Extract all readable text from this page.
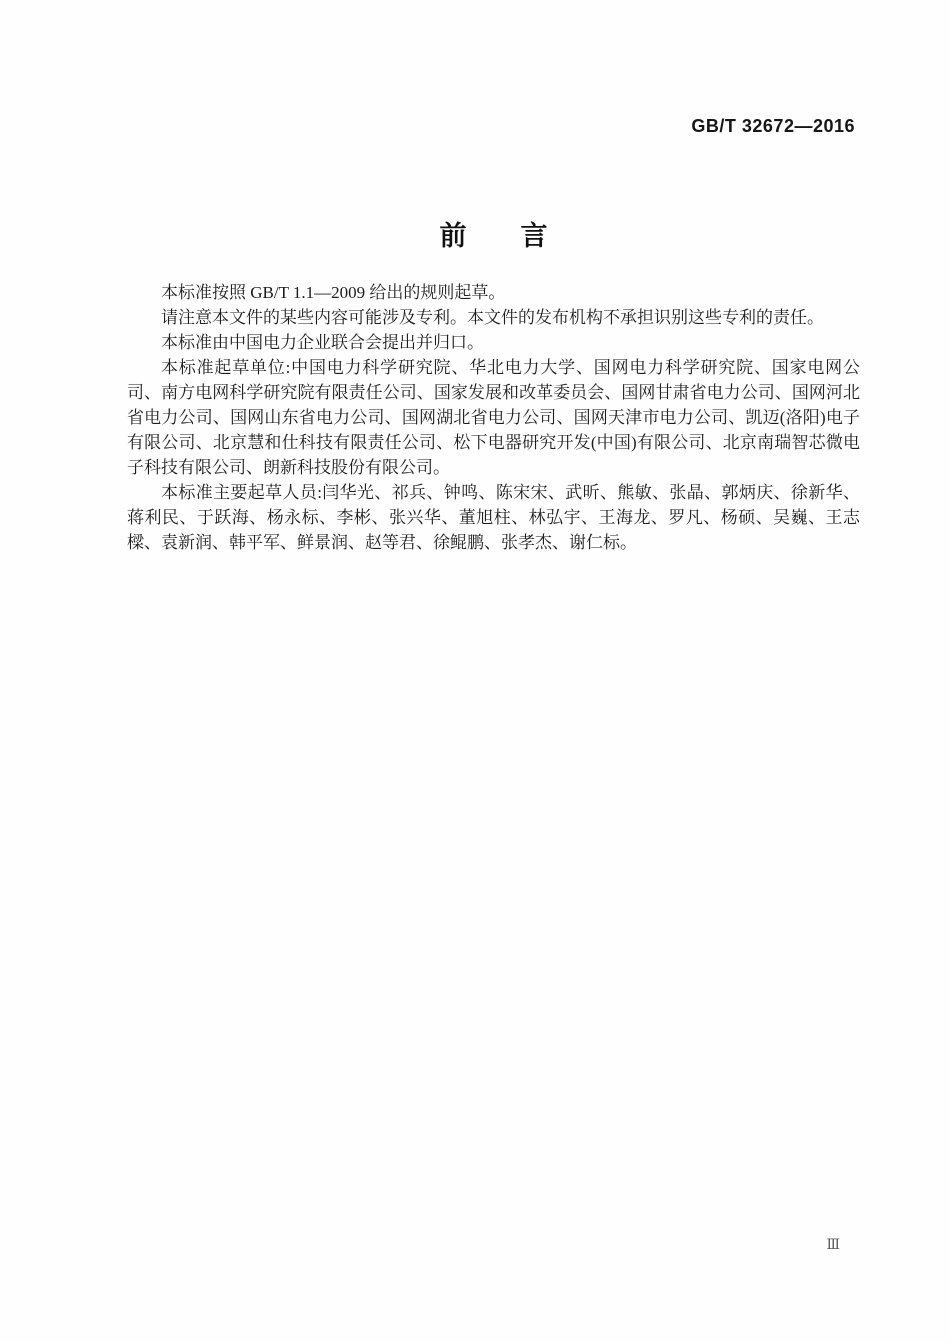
GB/T 32672—2016
前　　言

本标准按照 GB/T 1.1—2009 给出的规则起草。

请注意本文件的某些内容可能涉及专利。本文件的发布机构不承担识别这些专利的责任。

本标准由中国电力企业联合会提出并归口。

本标准起草单位:中国电力科学研究院、华北电力大学、国网电力科学研究院、国家电网公司、南方电网科学研究院有限责任公司、国家发展和改革委员会、国网甘肃省电力公司、国网河北省电力公司、国网山东省电力公司、国网湖北省电力公司、国网天津市电力公司、凯迈(洛阳)电子有限公司、北京慧和仕科技有限责任公司、松下电器研究开发(中国)有限公司、北京南瑞智芯微电子科技有限公司、朗新科技股份有限公司。

本标准主要起草人员:闫华光、祁兵、钟鸣、陈宋宋、武昕、熊敏、张晶、郭炳庆、徐新华、蒋利民、于跃海、杨永标、李彬、张兴华、董旭柱、林弘宇、王海龙、罗凡、杨硕、吴巍、王志樑、袁新润、韩平军、鲜景润、赵等君、徐鲲鹏、张孝杰、谢仁标。

Ⅲ
